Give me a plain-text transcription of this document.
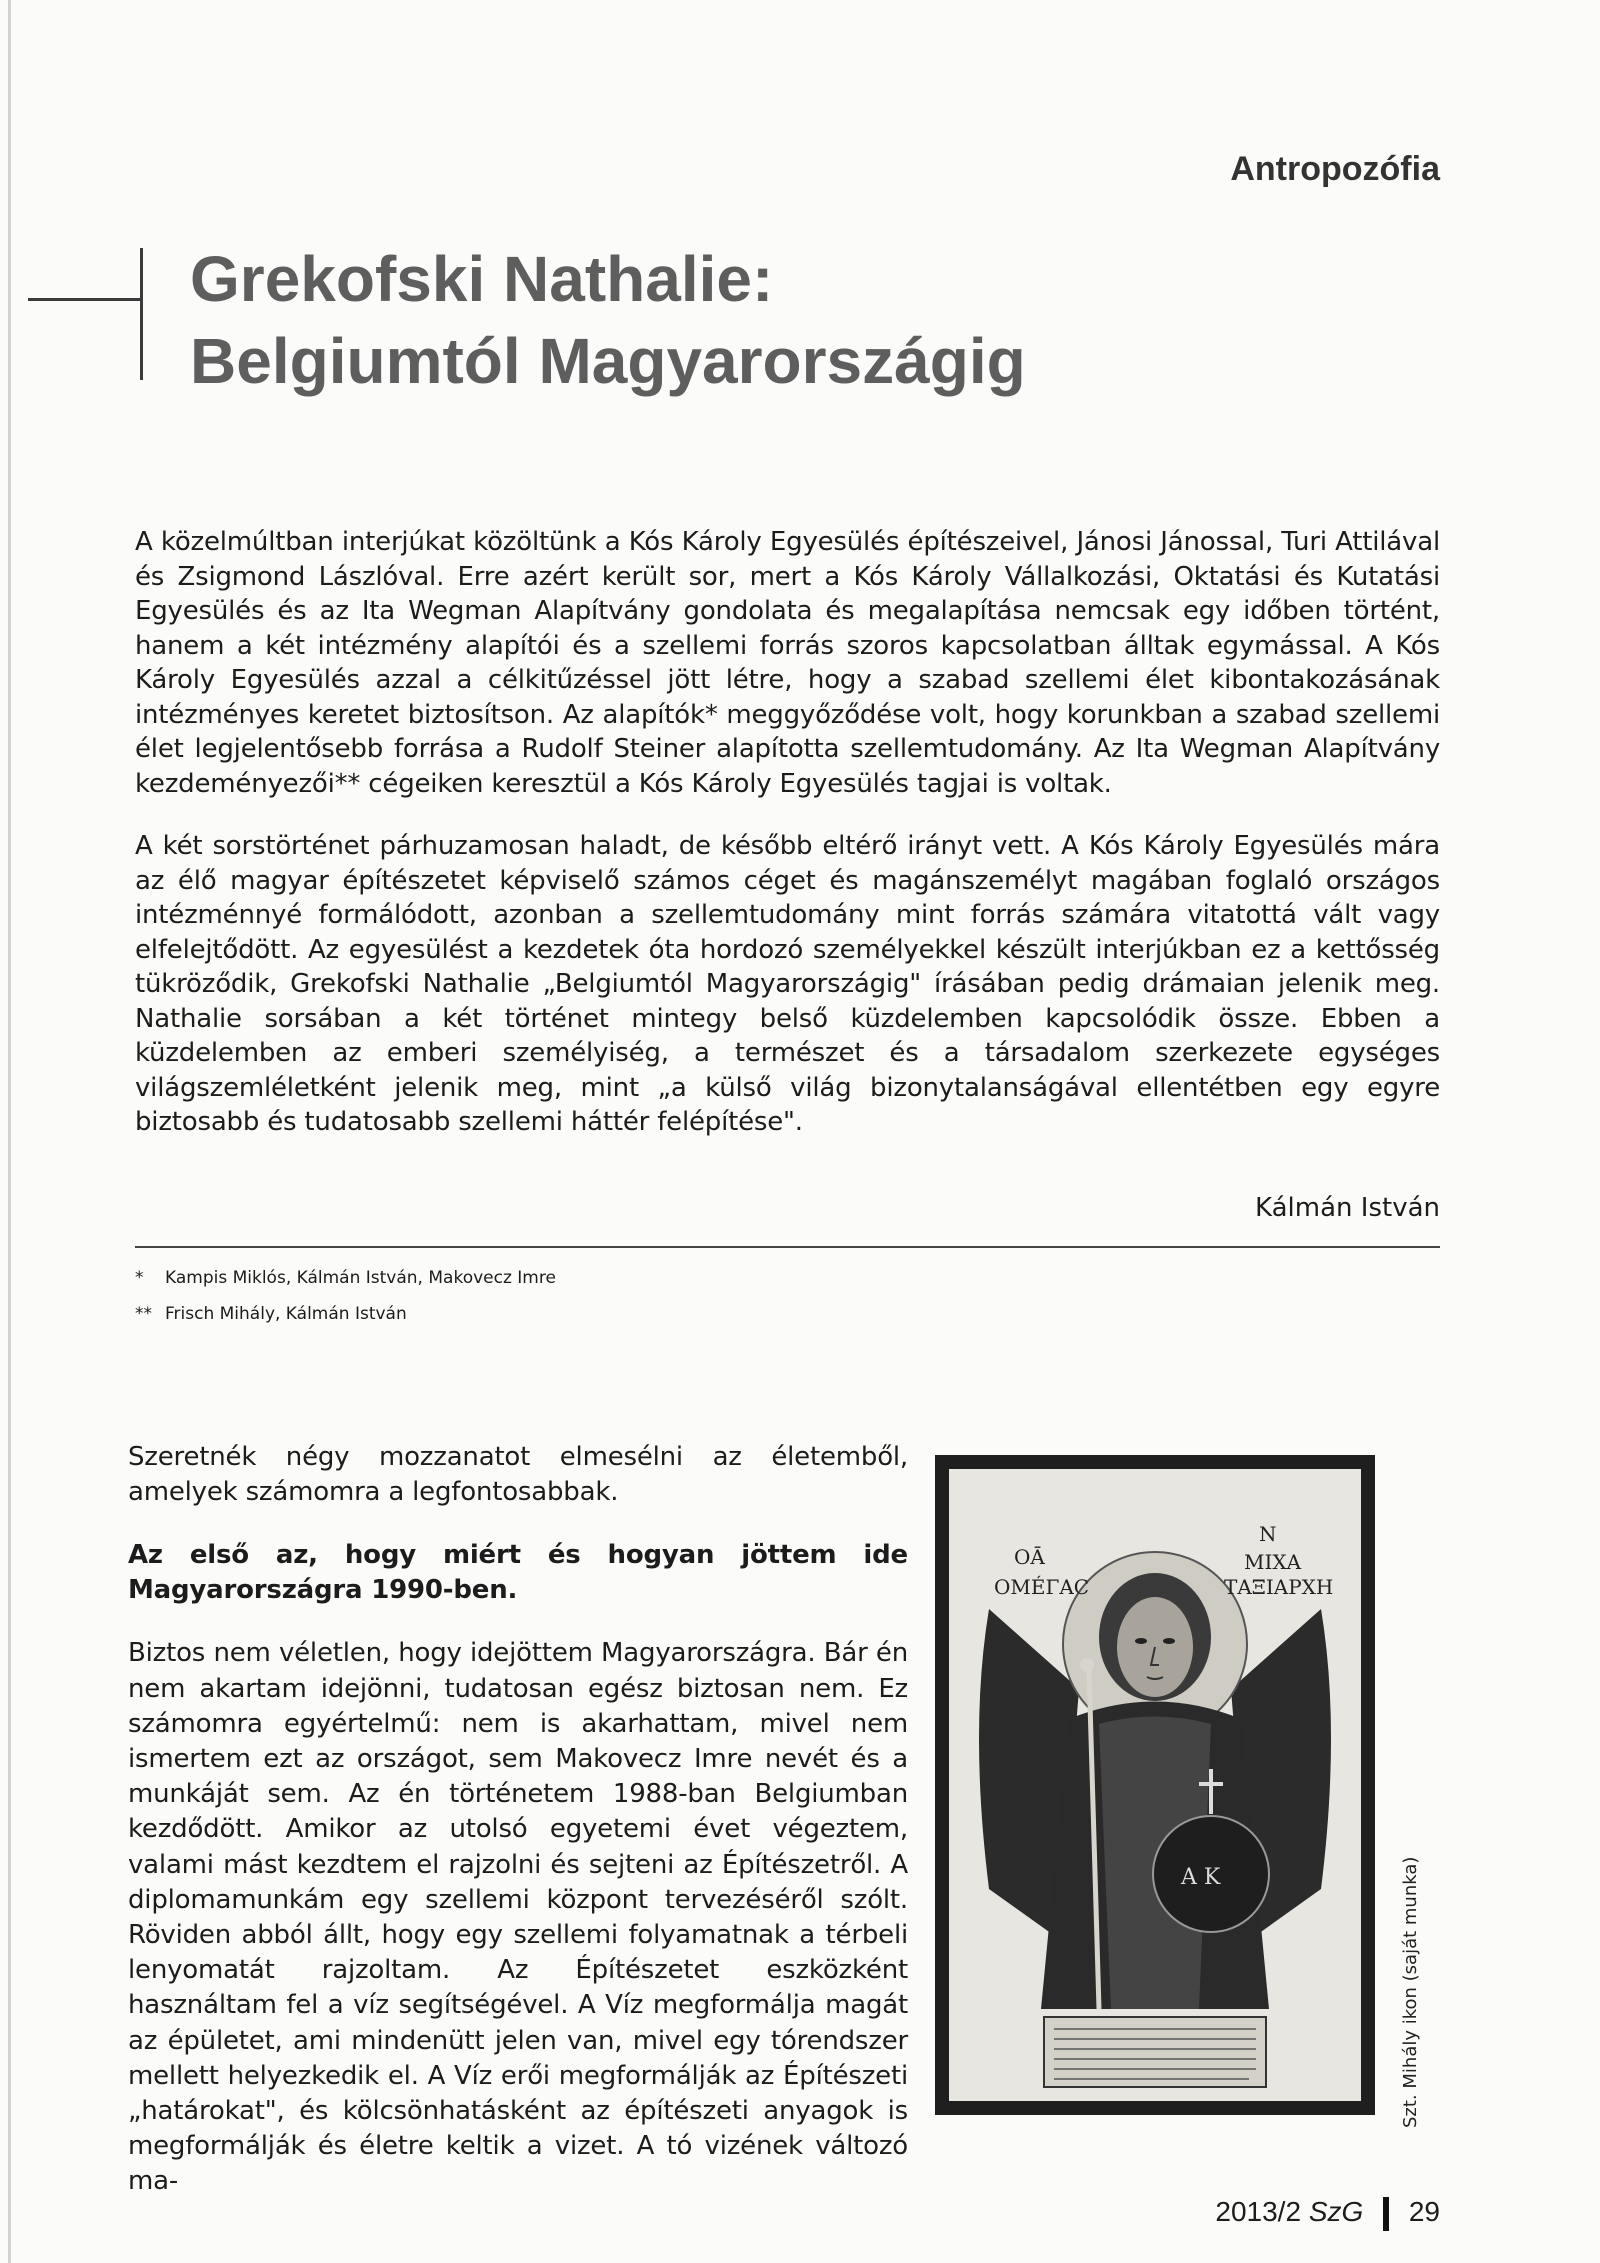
Antropozófia
Grekofski Nathalie:
Belgiumtól Magyarországig

A közelmúltban interjúkat közöltünk a Kós Károly Egyesülés építészeivel, Jánosi Jánossal, Turi Attilával és Zsigmond Lászlóval. Erre azért került sor, mert a Kós Károly Vállalkozási, Oktatási és Kutatási Egyesülés és az Ita Wegman Alapítvány gondolata és megalapítása nemcsak egy időben történt, hanem a két intézmény alapítói és a szellemi forrás szoros kapcsolatban álltak egymással. A Kós Károly Egyesülés azzal a célkitűzéssel jött létre, hogy a szabad szellemi élet kibontakozásának intézményes keretet biztosítson. Az alapítók* meggyőződése volt, hogy korunkban a szabad szellemi élet legjelentősebb forrása a Rudolf Steiner alapította szellemtudomány. Az Ita Wegman Alapítvány kezdeményezői** cégeiken keresztül a Kós Károly Egyesülés tagjai is voltak.

A két sorstörténet párhuzamosan haladt, de később eltérő irányt vett. A Kós Károly Egyesülés mára az élő magyar építészetet képviselő számos céget és magánszemélyt magában foglaló országos intézménnyé formálódott, azonban a szellemtudomány mint forrás számára vitatottá vált vagy elfelejtődött. Az egyesülést a kezdetek óta hordozó személyekkel készült interjúkban ez a kettősség tükröződik, Grekofski Nathalie „Belgiumtól Magyarországig" írásában pedig drámaian jelenik meg. Nathalie sorsában a két történet mintegy belső küzdelemben kapcsolódik össze. Ebben a küzdelemben az emberi személyiség, a természet és a társadalom szerkezete egységes világszemléletként jelenik meg, mint „a külső világ bizonytalanságával ellentétben egy egyre biztosabb és tudatosabb szellemi háttér felépítése".

Kálmán István
* Kampis Miklós, Kálmán István, Makovecz Imre
** Frisch Mihály, Kálmán István

Szeretnék négy mozzanatot elmesélni az életemből, amelyek számomra a legfontosabbak.

Az első az, hogy miért és hogyan jöttem ide Magyarországra 1990-ben.

Biztos nem véletlen, hogy idejöttem Magyarországra. Bár én nem akartam idejönni, tudatosan egész biztosan nem. Ez számomra egyértelmű: nem is akarhattam, mivel nem ismertem ezt az országot, sem Makovecz Imre nevét és a munkáját sem. Az én történetem 1988-ban Belgiumban kezdődött. Amikor az utolsó egyetemi évet végeztem, valami mást kezdtem el rajzolni és sejteni az Építészetről. A diplomamunkám egy szellemi központ tervezéséről szólt. Röviden abból állt, hogy egy szellemi folyamatnak a térbeli lenyomatát rajzoltam. Az Építészetet eszközként használtam fel a víz segítségével. A Víz megformálja magát az épületet, ami mindenütt jelen van, mivel egy tórendszer mellett helyezkedik el. A Víz erői megformálják az Építészeti „határokat", és kölcsönhatásként az építészeti anyagok is megformálják és életre keltik a vizet. A tó vizének változó ma-

ОĀ
ОΜÉΓΑС
N
ΜΙΧΑ
ΤΑΞΙΑΡΧΗ
Α Κ	Szt. Mihály ikon (saját munka)
2013/2 SzG 29
